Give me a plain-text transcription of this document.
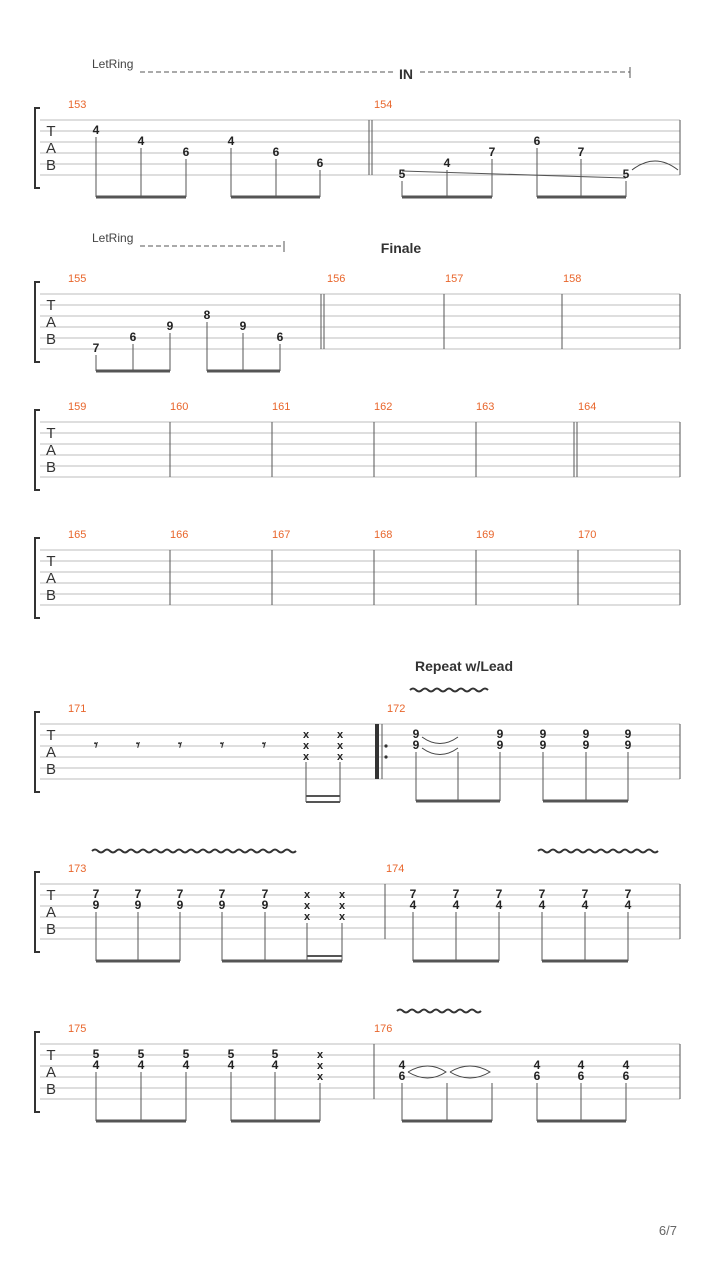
LetRing
IN
T
A
B
153	154
4
4
6
4
6
6
5
4
7
6
7
5
LetRing
Finale
T
A
B
155	156	157	158
7
6
9
8
9
6
T
A
B
159	160	161	162	163	164
T
A
B
165	166	167	168	169	170
Repeat w/Lead
T
A
B
171	172
𝄾	𝄾	𝄾	𝄾	𝄾
x
x
x
x
x
x
9
9
9
9
9
9
9
9
9
9
T
A
B
173	174
7
9
7
9
7
9
7
9
7
9
x
x
x
x
x
x
7
4
7
4
7
4
7
4
7
4
7
4
T
A
B
175	176
5
4
5
4
5
4
5
4
5
4
x
x
x
4
6
4
6
4
6
4
6
6/7
